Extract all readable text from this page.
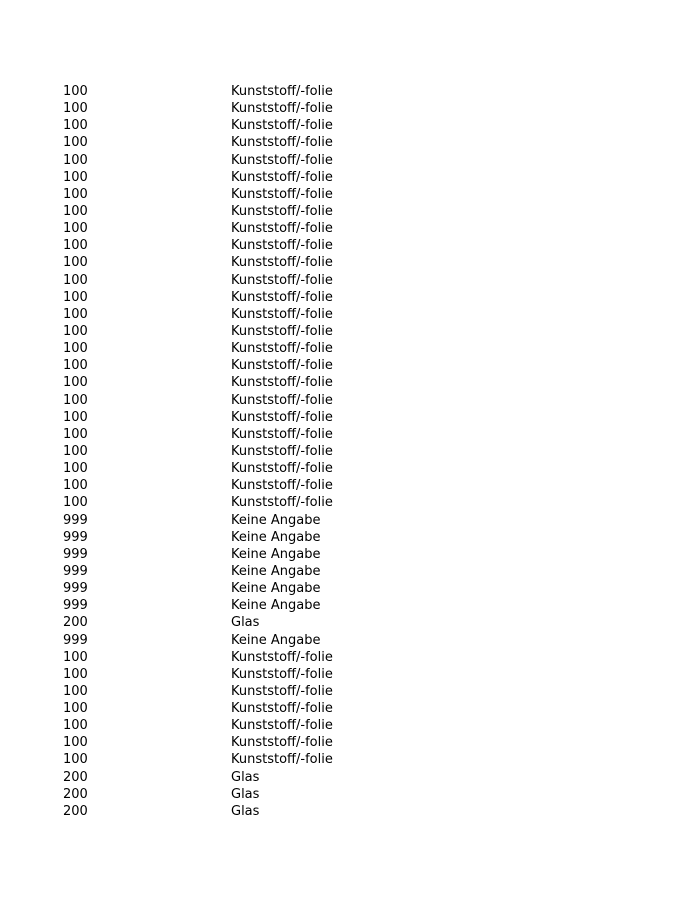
100	Kunststoff/-folie
100	Kunststoff/-folie
100	Kunststoff/-folie
100	Kunststoff/-folie
100	Kunststoff/-folie
100	Kunststoff/-folie
100	Kunststoff/-folie
100	Kunststoff/-folie
100	Kunststoff/-folie
100	Kunststoff/-folie
100	Kunststoff/-folie
100	Kunststoff/-folie
100	Kunststoff/-folie
100	Kunststoff/-folie
100	Kunststoff/-folie
100	Kunststoff/-folie
100	Kunststoff/-folie
100	Kunststoff/-folie
100	Kunststoff/-folie
100	Kunststoff/-folie
100	Kunststoff/-folie
100	Kunststoff/-folie
100	Kunststoff/-folie
100	Kunststoff/-folie
100	Kunststoff/-folie
999	Keine Angabe
999	Keine Angabe
999	Keine Angabe
999	Keine Angabe
999	Keine Angabe
999	Keine Angabe
200	Glas
999	Keine Angabe
100	Kunststoff/-folie
100	Kunststoff/-folie
100	Kunststoff/-folie
100	Kunststoff/-folie
100	Kunststoff/-folie
100	Kunststoff/-folie
100	Kunststoff/-folie
200	Glas
200	Glas
200	Glas
